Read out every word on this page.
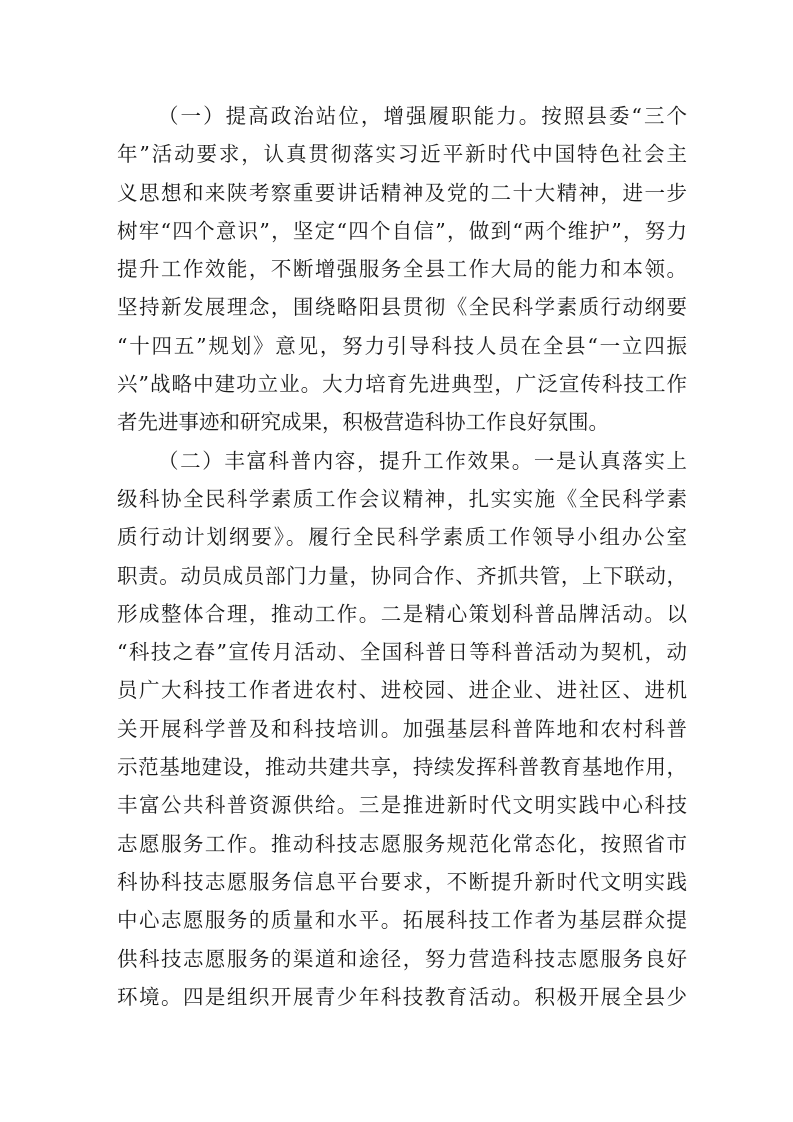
（一）提高政治站位，增强履职能力。按照县委“三个
年”活动要求，认真贯彻落实习近平新时代中国特色社会主
义思想和来陕考察重要讲话精神及党的二十大精神，进一步
树牢“四个意识”，坚定“四个自信”，做到“两个维护”，努力
提升工作效能，不断增强服务全县工作大局的能力和本领。
坚持新发展理念，围绕略阳县贯彻《全民科学素质行动纲要
“十四五”规划》意见，努力引导科技人员在全县“一立四振
兴”战略中建功立业。大力培育先进典型，广泛宣传科技工作
者先进事迹和研究成果，积极营造科协工作良好氛围。
（二）丰富科普内容，提升工作效果。一是认真落实上
级科协全民科学素质工作会议精神，扎实实施《全民科学素
质行动计划纲要》。履行全民科学素质工作领导小组办公室
职责。动员成员部门力量，协同合作、齐抓共管，上下联动，
形成整体合理，推动工作。二是精心策划科普品牌活动。以
“科技之春”宣传月活动、全国科普日等科普活动为契机，动
员广大科技工作者进农村、进校园、进企业、进社区、进机
关开展科学普及和科技培训。加强基层科普阵地和农村科普
示范基地建设，推动共建共享，持续发挥科普教育基地作用，
丰富公共科普资源供给。三是推进新时代文明实践中心科技
志愿服务工作。推动科技志愿服务规范化常态化，按照省市
科协科技志愿服务信息平台要求，不断提升新时代文明实践
中心志愿服务的质量和水平。拓展科技工作者为基层群众提
供科技志愿服务的渠道和途径，努力营造科技志愿服务良好
环境。四是组织开展青少年科技教育活动。积极开展全县少
